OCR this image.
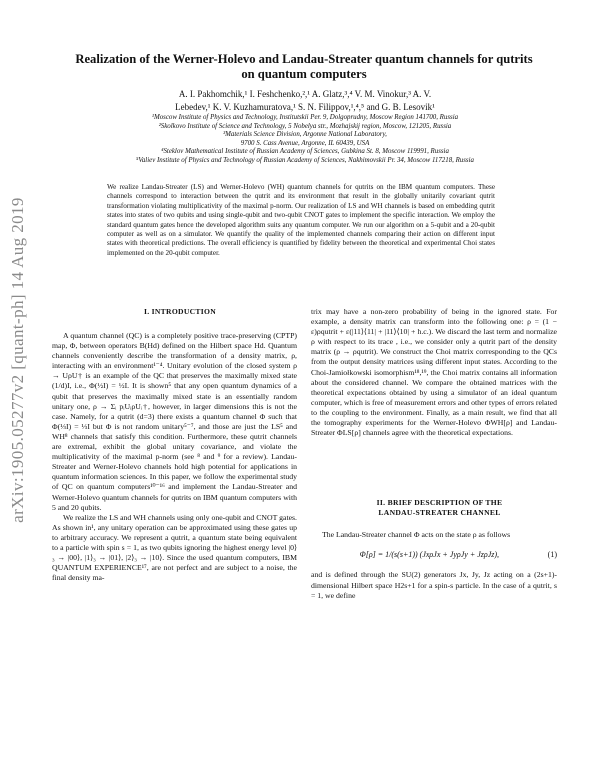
arXiv:1905.05277v2 [quant-ph] 14 Aug 2019
Realization of the Werner-Holevo and Landau-Streater quantum channels for qutrits
on quantum computers
A. I. Pakhomchik,¹ I. Feshchenko,²,¹ A. Glatz,³,⁴ V. M. Vinokur,³ A. V.
Lebedev,¹ K. V. Kuzhamuratova,¹ S. N. Filippov,¹,⁴,⁵ and G. B. Lesovik¹
¹Moscow Institute of Physics and Technology, Institutskii Per. 9, Dolgoprudny, Moscow Region 141700, Russia
²Skolkovo Institute of Science and Technology, 5 Nobelya str., Mozhajskij region, Moscow, 121205, Russia
³Materials Science Division, Argonne National Laboratory,
9700 S. Cass Avenue, Argonne, IL 60439, USA
⁴Steklov Mathematical Institute of Russian Academy of Sciences, Gubkina St. 8, Moscow 119991, Russia
⁵Valiev Institute of Physics and Technology of Russian Academy of Sciences, Nakhimovskii Pr. 34, Moscow 117218, Russia
We realize Landau-Streater (LS) and Werner-Holevo (WH) quantum channels for qutrits on the IBM quantum computers. These channels correspond to interaction between the qutrit and its environment that result in the globally unitarily covariant qutrit transformation violating multiplicativity of the maximal p-norm. Our realization of LS and WH channels is based on embedding qutrit states into states of two qubits and using single-qubit and two-qubit CNOT gates to implement the specific interaction. We employ the standard quantum gates hence the developed algorithm suits any quantum computer. We run our algorithm on a 5-qubit and a 20-qubit computer as well as on a simulator. We quantify the quality of the implemented channels comparing their action on different input states with theoretical predictions. The overall efficiency is quantified by fidelity between the theoretical and experimental Choi states implemented on the 20-qubit computer.

I. INTRODUCTION

A quantum channel (QC) is a completely positive trace-preserving (CPTP) map, Φ, between operators B(Hd) defined on the Hilbert space Hd. Quantum channels conveniently describe the transformation of a density matrix, ρ, interacting with an environment¹⁻⁴. Unitary evolution of the closed system ρ → UρU† is an example of the QC that preserves the maximally mixed state (1/d)I, i.e., Φ(½I) = ½I. It is shown⁵ that any open quantum dynamics of a qubit that preserves the maximally mixed state is an essentially random unitary one, ρ → Σᵢ pᵢUᵢρUᵢ†, however, in larger dimensions this is not the case. Namely, for a qutrit (d=3) there exists a quantum channel Φ such that Φ(⅓I) = ⅓I but Φ is not random unitary⁵⁻⁷, and those are just the LS⁵ and WH⁸ channels that satisfy this condition. Furthermore, these qutrit channels are extremal, exhibit the global unitary covariance, and violate the multiplicativity of the maximal p-norm (see ⁸ and ⁹ for a review). Landau-Streater and Werner-Holevo channels hold high potential for applications in quantum information sciences. In this paper, we follow the experimental study of QC on quantum computers¹⁰⁻¹⁶ and implement the Landau-Streater and Werner-Holevo quantum channels for qutrits on IBM quantum computers with 5 and 20 qubits.

We realize the LS and WH channels using only one-qubit and CNOT gates. As shown in¹, any unitary operation can be approximated using these gates up to arbitrary accuracy. We represent a qutrit, a quantum state being equivalent to a particle with spin s = 1, as two qubits ignoring the highest energy level |0⟩₃ → |00⟩, |1⟩₃ → |01⟩, |2⟩₃ → |10⟩. Since the used quantum computers, IBM QUANTUM EXPERIENCE¹⁷, are not perfect and are subject to a noise, the final density ma-

trix may have a non-zero probability of being in the ignored state. For example, a density matrix can transform into the following one: ρ = (1 − ε)ρqutrit + ε(|11⟩⟨11| + |11⟩⟨10| + h.c.). We discard the last term and normalize ρ with respect to its trace , i.e., we consider only a qutrit part of the density matrix (ρ → ρqutrit). We construct the Choi matrix corresponding to the QCs from the output density matrices using different input states. According to the Choi-Jamiołkowski isomorphism¹⁸,¹⁹, the Choi matrix contains all information about the considered channel. We compare the obtained matrices with the theoretical expectations obtained by using a simulator of an ideal quantum computer, which is free of measurement errors and other types of errors related to the coupling to the environment. Finally, as a main result, we find that all the tomography experiments for the Werner-Holevo ΦWH[ρ] and Landau-Streater ΦLS[ρ] channels agree with the theoretical expectations.

II. BRIEF DESCRIPTION OF THE

LANDAU-STREATER CHANNEL

The Landau-Streater channel Φ acts on the state ρ as follows

Φ[ρ] = 1/(s(s+1)) (JxρJx + JyρJy + JzρJz),	(1)

and is defined through the SU(2) generators Jx, Jy, Jz acting on a (2s+1)-dimensional Hilbert space H2s+1 for a spin-s particle. In the case of a qutrit, s = 1, we define
